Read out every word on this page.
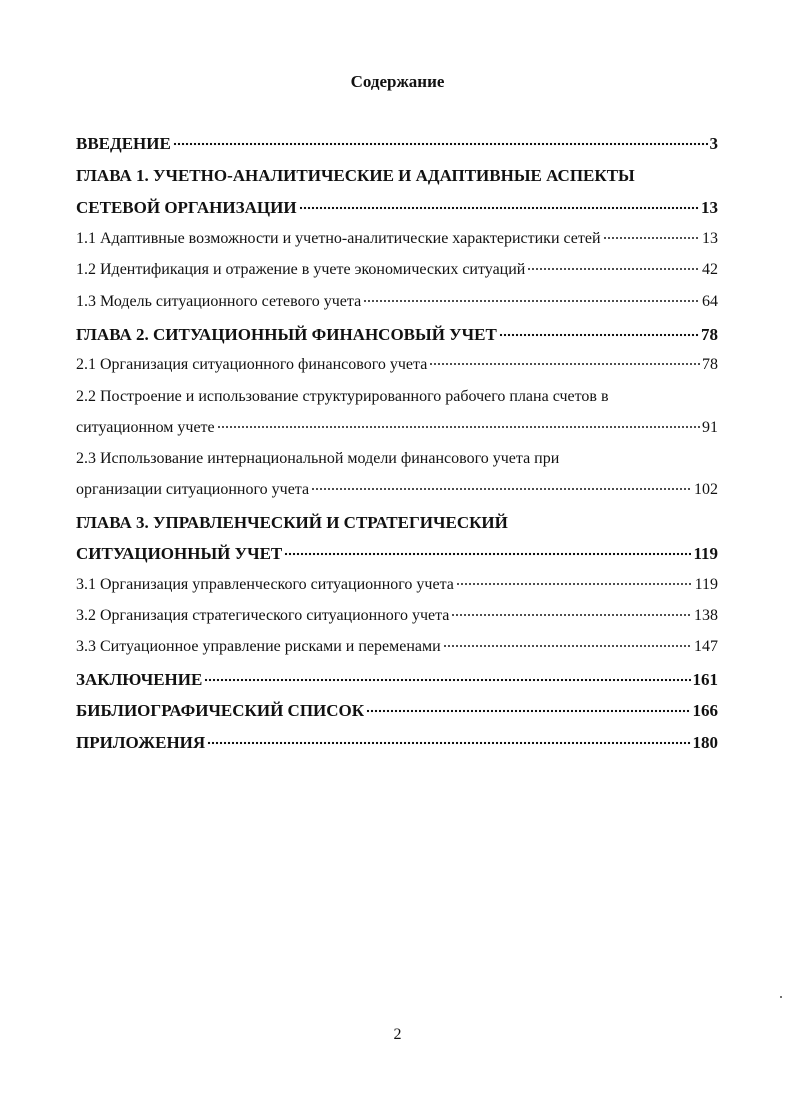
Содержание
ВВЕДЕНИЕ	3
ГЛАВА 1. УЧЕТНО-АНАЛИТИЧЕСКИЕ И АДАПТИВНЫЕ АСПЕКТЫ
СЕТЕВОЙ ОРГАНИЗАЦИИ	13
1.1 Адаптивные возможности и учетно-аналитические характеристики сетей	13
1.2 Идентификация и отражение в учете экономических ситуаций	42
1.3 Модель ситуационного сетевого учета	64
ГЛАВА 2. СИТУАЦИОННЫЙ ФИНАНСОВЫЙ УЧЕТ	78
2.1 Организация ситуационного финансового учета	78
2.2 Построение и использование структурированного рабочего плана счетов в
ситуационном учете	91
2.3 Использование интернациональной модели финансового учета при
организации ситуационного учета	102
ГЛАВА 3. УПРАВЛЕНЧЕСКИЙ И СТРАТЕГИЧЕСКИЙ
СИТУАЦИОННЫЙ УЧЕТ	119
3.1 Организация управленческого ситуационного учета	119
3.2 Организация стратегического ситуационного учета	138
3.3 Ситуационное управление рисками и переменами	147
ЗАКЛЮЧЕНИЕ	161
БИБЛИОГРАФИЧЕСКИЙ СПИСОК	166
ПРИЛОЖЕНИЯ	180
2
